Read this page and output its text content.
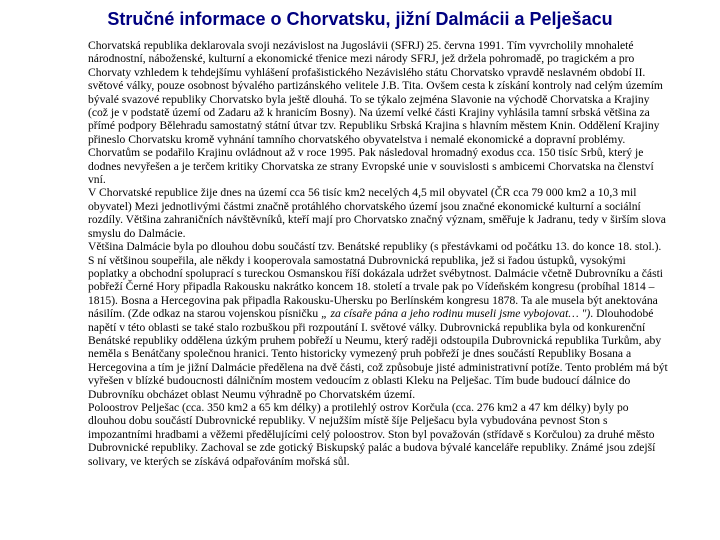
Stručné informace o Chorvatsku, jižní Dalmácii a Pelješacu

Chorvatská republika deklarovala svoji nezávislost na Jugoslávii (SFRJ) 25. června 1991. Tím vyvrcholily mnohaleté národnostní, náboženské, kulturní a ekonomické třenice mezi národy SFRJ, jež držela pohromadě, po tragickém a pro Chorvaty vzhledem k tehdejšímu vyhlášení profašistického Nezávislého státu Chorvatsko vpravdě neslavném období II. světové války, pouze osobnost bývalého partizánského velitele J.B. Tita. Ovšem cesta k získání kontroly nad celým územím bývalé svazové republiky Chorvatsko byla ještě dlouhá. To se týkalo zejména Slavonie na východě Chorvatska a Krajiny (což je v podstatě území od Zadaru až k hranicím Bosny). Na území velké části Krajiny vyhlásila tamní srbská většina za přímé podpory Bělehradu samostatný státní útvar tzv. Republiku Srbská Krajina s hlavním městem Knin. Oddělení Krajiny přineslo Chorvatsku kromě vyhnání tamního chorvatského obyvatelstva i nemalé ekonomické a dopravní problémy. Chorvatům se podařilo Krajinu ovládnout až v roce 1995. Pak následoval hromadný exodus cca. 150 tisíc Srbů, který je dodnes nevyřešen a je terčem kritiky Chorvatska ze strany Evropské unie v souvislosti s ambicemi Chorvatska na členství vní.

V Chorvatské republice žije dnes na území cca 56 tisíc km2 necelých 4,5 mil obyvatel (ČR cca 79 000 km2 a 10,3 mil obyvatel) Mezi jednotlivými částmi značně protáhlého chorvatského území jsou značné ekonomické kulturní a sociální rozdíly. Většina zahraničních návštěvníků, kteří mají pro Chorvatsko značný význam, směřuje k Jadranu, tedy v širším slova smyslu do Dalmácie.

Většina Dalmácie byla po dlouhou dobu součástí tzv. Benátské republiky (s přestávkami od počátku 13. do konce 18. stol.). S ní většinou soupeřila, ale někdy i kooperovala samostatná Dubrovnická republika, jež si řadou ústupků, vysokými poplatky a obchodní spoluprací s tureckou Osmanskou říší dokázala udržet svébytnost. Dalmácie včetně Dubrovníku a části pobřeží Černé Hory připadla Rakousku nakrátko koncem 18. století a trvale pak po Vídeňském kongresu (probíhal 1814 – 1815). Bosna a Hercegovina pak připadla Rakousku-Uhersku po Berlínském kongresu 1878. Ta ale musela být anektována násilím. (Zde odkaz na starou vojenskou písničku „ za císaře pána a jeho rodinu museli jsme vybojovat… "). Dlouhodobé napětí v této oblasti se také stalo rozbuškou při rozpoutání I. světové války. Dubrovnická republika byla od konkurenční Benátské republiky oddělena úzkým pruhem pobřeží u Neumu, který raději odstoupila Dubrovnická republika Turkům, aby neměla s Benátčany společnou hranici. Tento historicky vymezený pruh pobřeží je dnes součástí Republiky Bosana a Hercegovina a tím je jižní Dalmácie předělena na dvě části, což způsobuje jisté administrativní potíže. Tento problém má být vyřešen v blízké budoucnosti dálničním mostem vedoucím z oblasti Kleku na Pelješac. Tím bude budoucí dálnice do Dubrovníku obcházet oblast Neumu výhradně po Chorvatském území.

Poloostrov Pelješac (cca. 350 km2 a 65 km délky) a protilehlý ostrov Korčula (cca. 276 km2 a 47 km délky) byly po dlouhou dobu součástí Dubrovnické republiky. V nejužším místě šíje Pelješacu byla vybudována pevnost Ston s impozantními hradbami a věžemi předělujícími celý poloostrov. Ston byl považován (střídavě s Korčulou) za druhé město Dubrovnické republiky. Zachoval se zde gotický Biskupský palác a budova bývalé kanceláře republiky. Známé jsou zdejší solivary, ve kterých se získává odpařováním mořská sůl.
